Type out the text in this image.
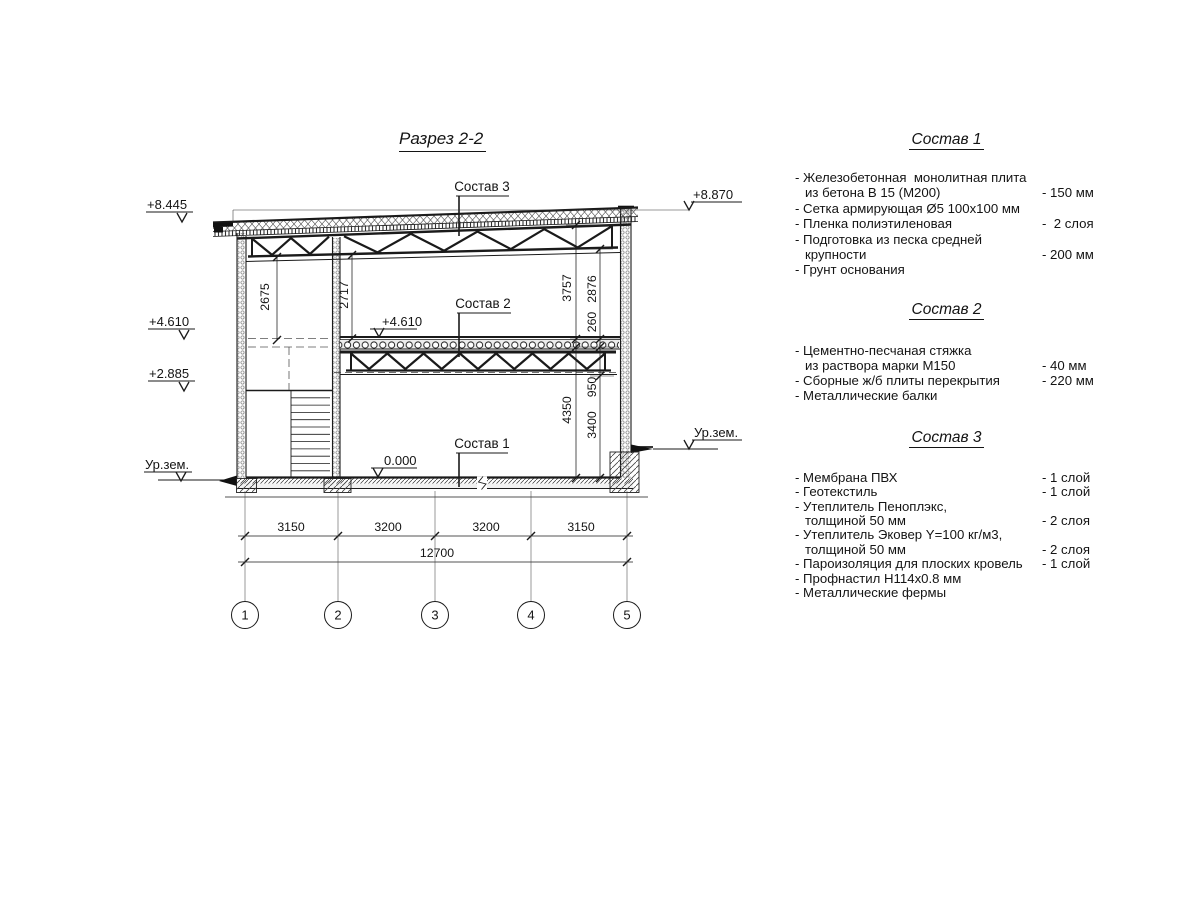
Разрез 2-2
Состав 3
Состав 2
Состав 1
1	2	3	4	5
2675	2717	3757 2876
260
950
4350
3400
3150	3200	3200	3150
12700
+8.445
+8.870
+4.610
+2.885
+4.610
0.000
Ур.зем.
Ур.зем.
Состав 1
- Железобетонная  монолитная плита
из бетона В 15 (М200)	- 150 мм
- Сетка армирующая Ø5 100х100 мм
- Пленка полиэтиленовая	-  2 слоя
- Подготовка из песка средней
крупности	- 200 мм
- Грунт основания
Состав 2
- Цементно-песчаная стяжка
из раствора марки М150	- 40 мм
- Сборные ж/б плиты перекрытия	- 220 мм
- Металлические балки
Состав 3
- Мембрана ПВХ	- 1 слой
- Геотекстиль	- 1 слой
- Утеплитель Пеноплэкс,
толщиной 50 мм	- 2 слоя
- Утеплитель Эковер Y=100 кг/м3,
толщиной 50 мм	- 2 слоя
- Пароизоляция для плоских кровель	- 1 слой
- Профнастил Н114х0.8 мм
- Металлические фермы
